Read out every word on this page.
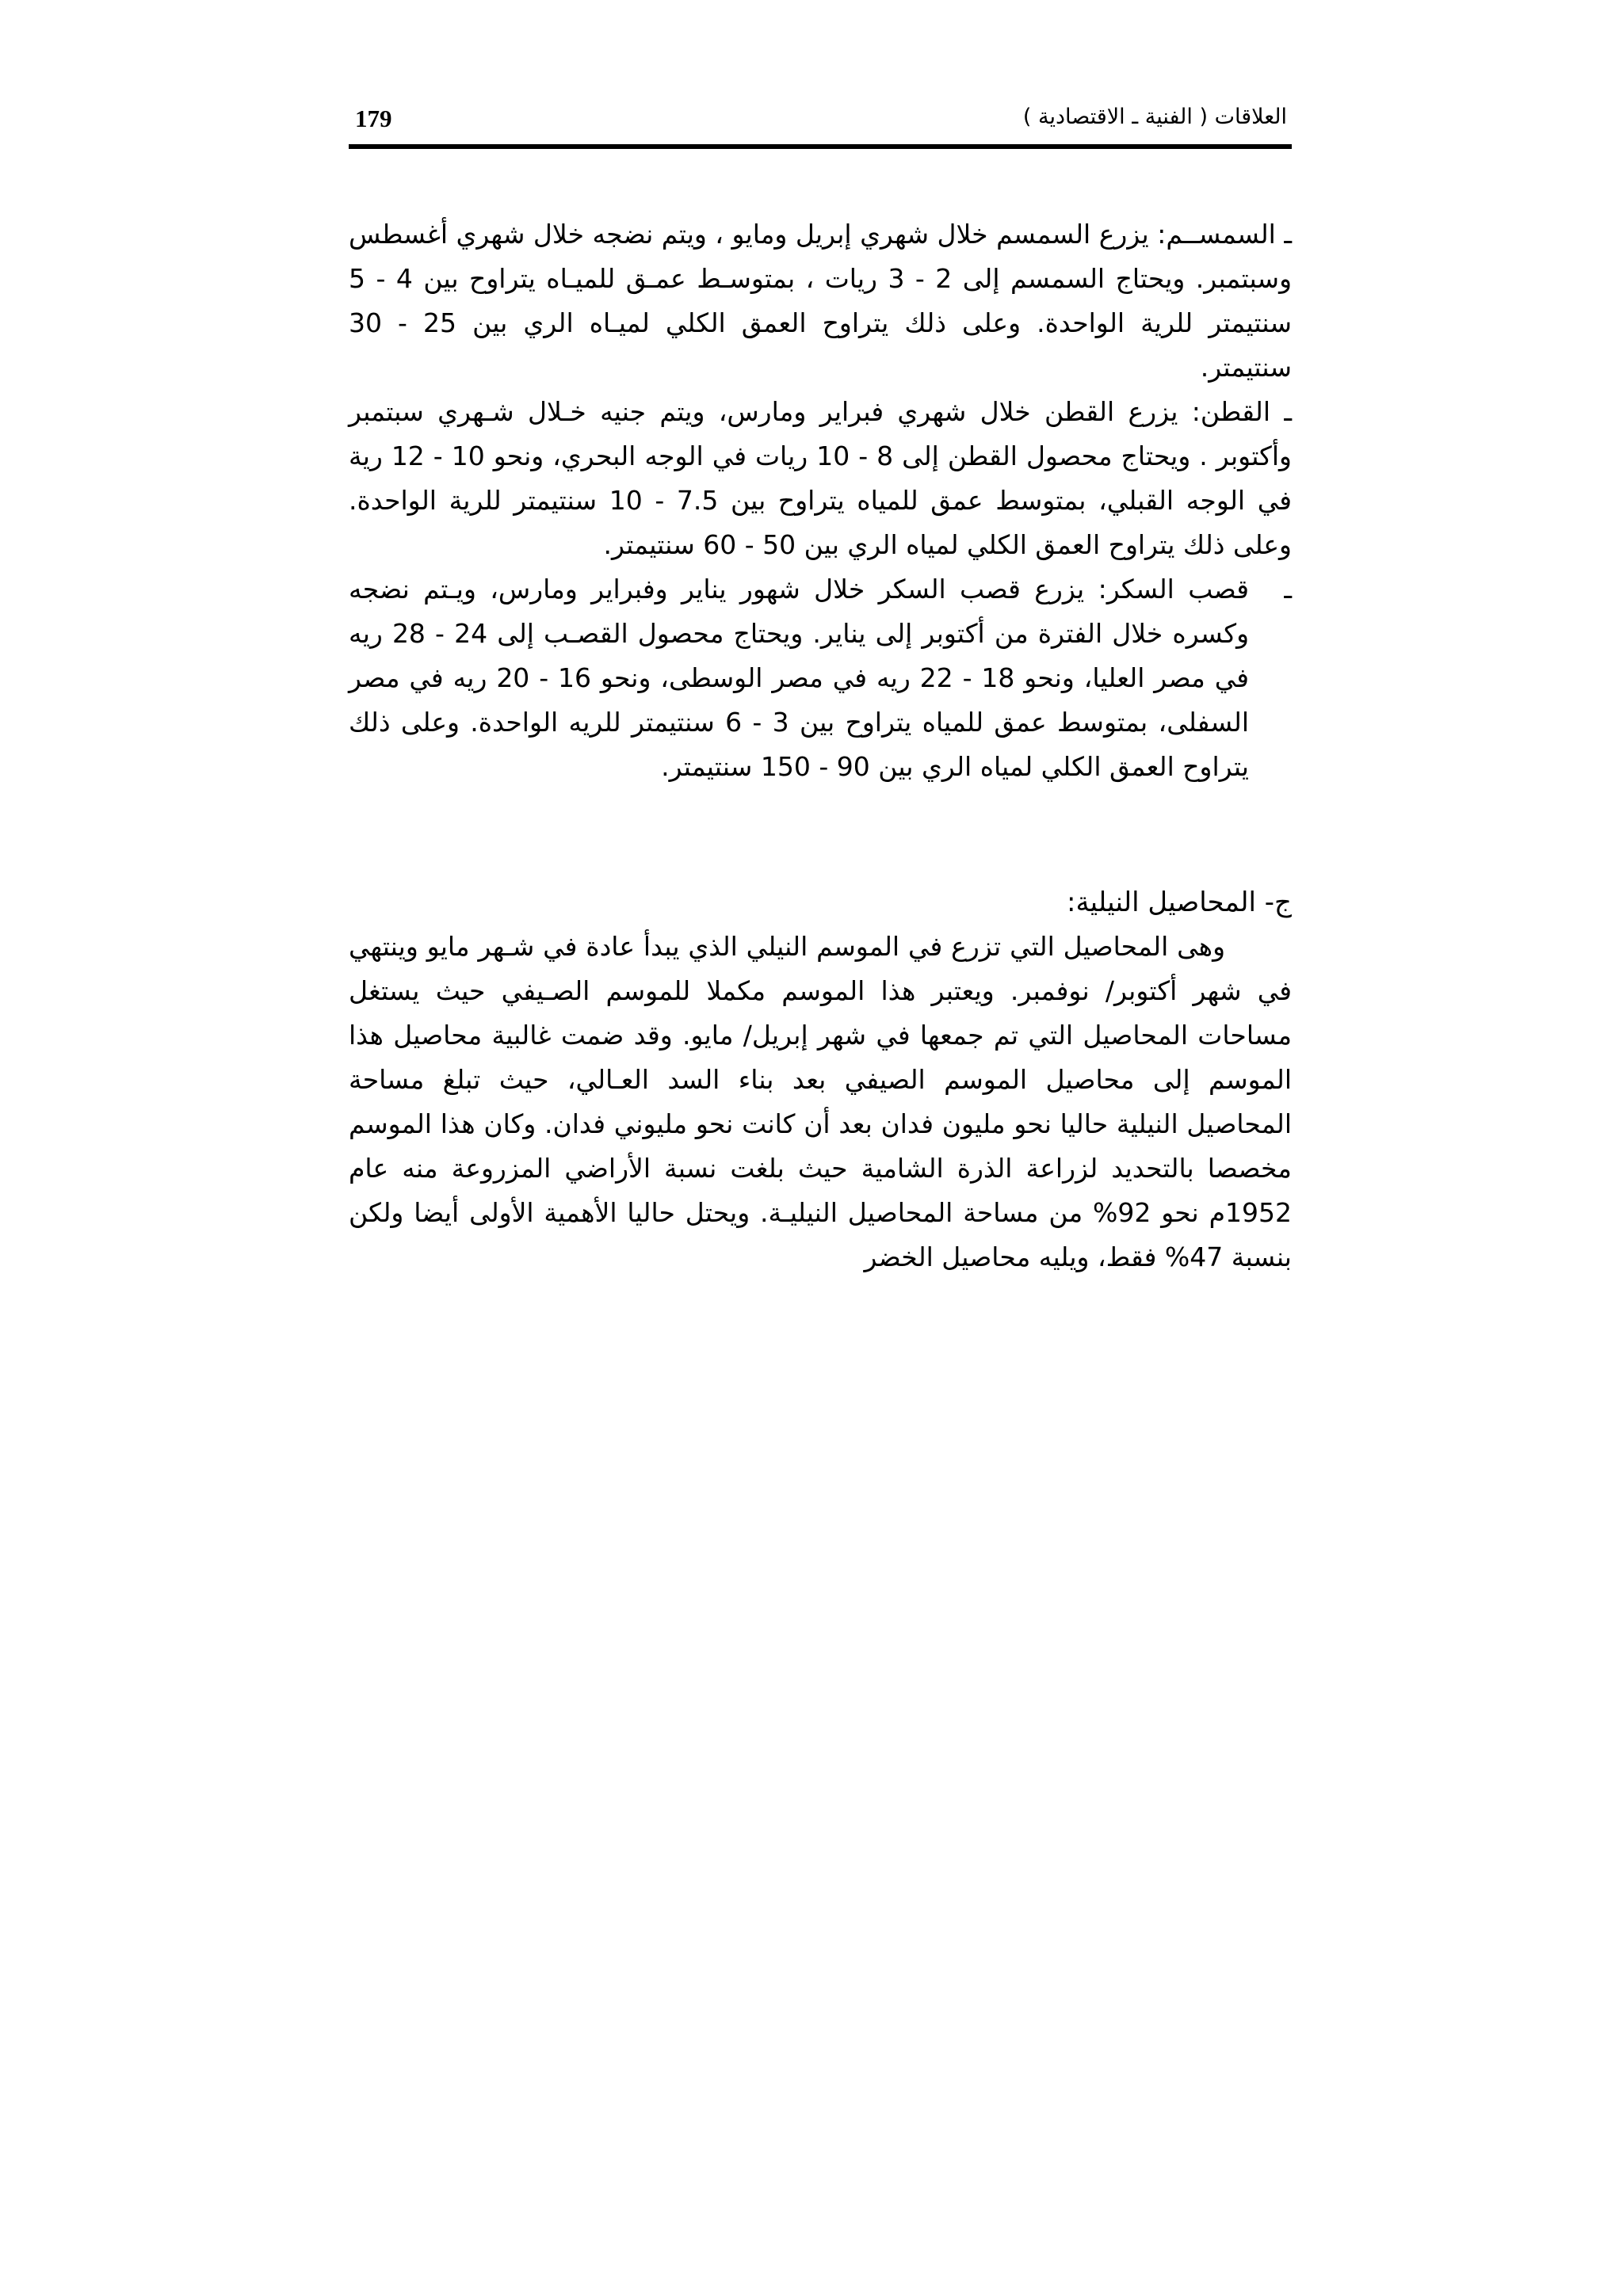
179	العلاقات ( الفنية ـ الاقتصادية )

ـ السمســم: يزرع السمسم خلال شهري إبريل ومايو ، ويتم نضجه خلال شهري أغسطس وسبتمبر. ويحتاج السمسم إلى 2 - 3 ريات ، بمتوسـط عمـق للميـاه يتراوح بين 4 - 5 سنتيمتر للرية الواحدة. وعلى ذلك يتراوح العمق الكلي لميـاه الري بين 25 - 30 سنتيمتر.

ـ القطن: يزرع القطن خلال شهري فبراير ومارس، ويتم جنيه خـلال شـهري سبتمبر وأكتوبر . ويحتاج محصول القطن إلى 8 - 10 ريات في الوجه البحري، ونحو 10 - 12 رية في الوجه القبلي، بمتوسط عمق للمياه يتراوح بين 7.5 - 10 سنتيمتر للرية الواحدة. وعلى ذلك يتراوح العمق الكلي لمياه الري بين 50 - 60 سنتيمتر.

ـ

قصب السكر: يزرع قصب السكر خلال شهور يناير وفبراير ومارس، ويـتم نضجه وكسره خلال الفترة من أكتوبر إلى يناير. ويحتاج محصول القصـب إلى 24 - 28 ريه في مصر العليا، ونحو 18 - 22 ريه في مصر الوسطى، ونحو 16 - 20 ريه في مصر السفلى، بمتوسط عمق للمياه يتراوح بين 3 - 6 سنتيمتر للريه الواحدة. وعلى ذلك يتراوح العمق الكلي لمياه الري بين 90 - 150 سنتيمتر.

ج- المحاصيل النيلية:

وهى المحاصيل التي تزرع في الموسم النيلي الذي يبدأ عادة في شـهر مايو وينتهي في شهر أكتوبر/ نوفمبر. ويعتبر هذا الموسم مكملا للموسم الصـيفي حيث يستغل مساحات المحاصيل التي تم جمعها في شهر إبريل/ مايو. وقد ضمت غالبية محاصيل هذا الموسم إلى محاصيل الموسم الصيفي بعد بناء السد العـالي، حيث تبلغ مساحة المحاصيل النيلية حاليا نحو مليون فدان بعد أن كانت نحو مليوني فدان. وكان هذا الموسم مخصصا بالتحديد لزراعة الذرة الشامية حيث بلغت نسبة الأراضي المزروعة منه عام 1952م نحو 92% من مساحة المحاصيل النيليـة. ويحتل حاليا الأهمية الأولى أيضا ولكن بنسبة 47% فقط، ويليه محاصيل الخضر
